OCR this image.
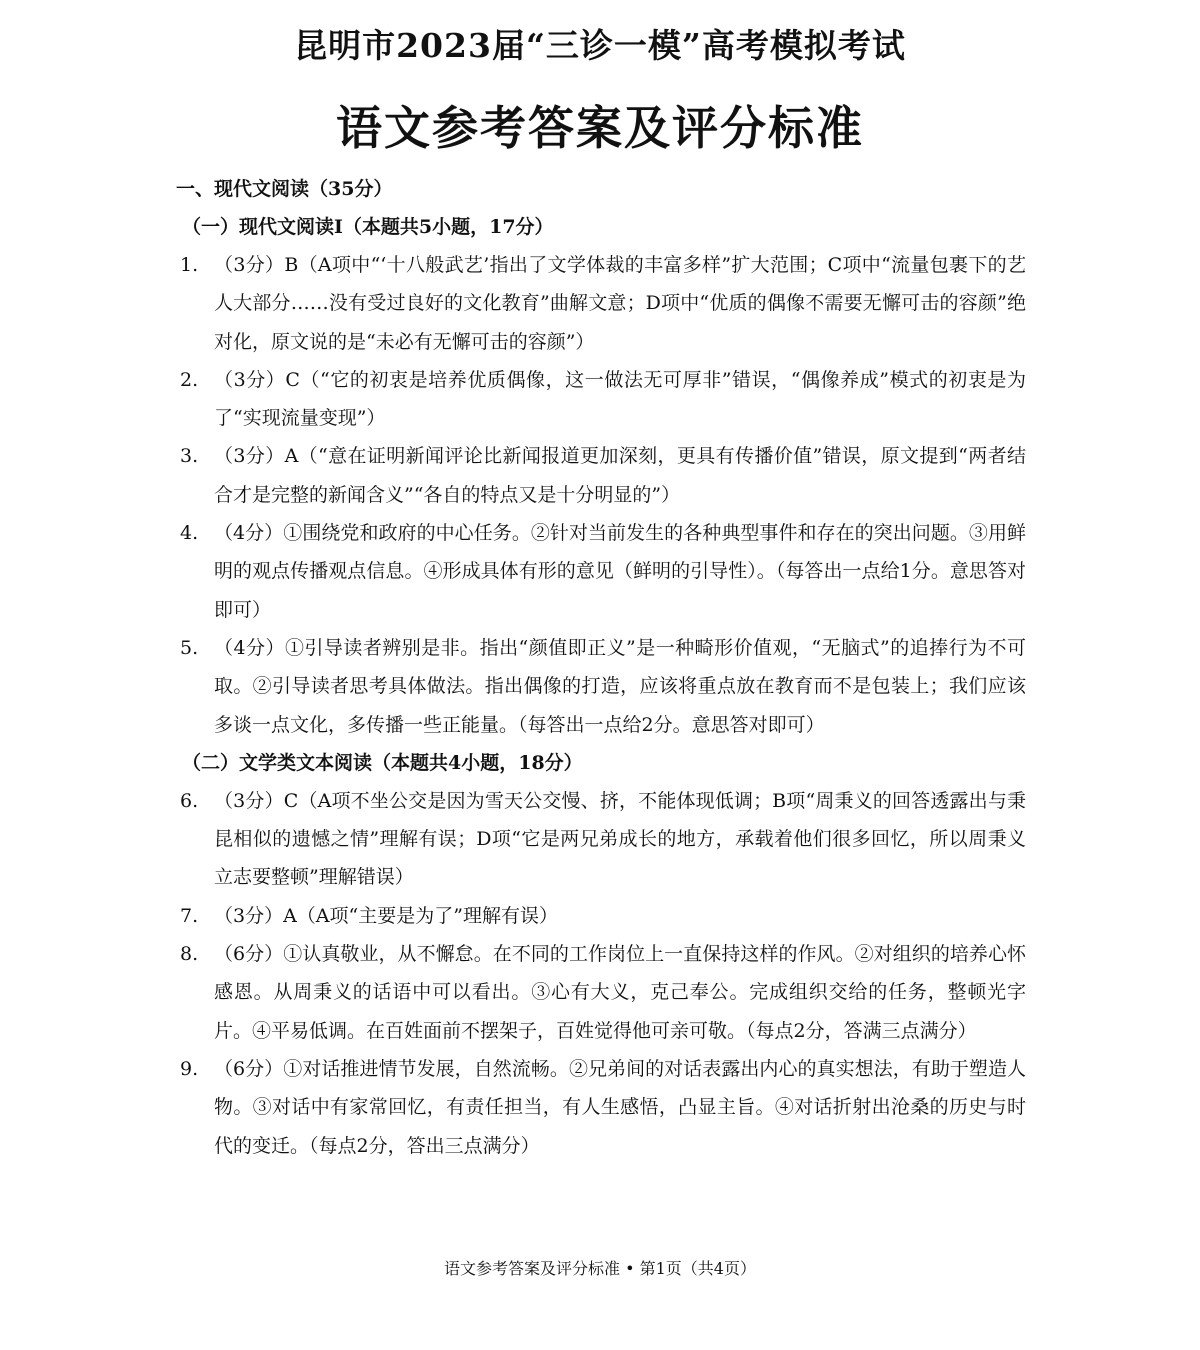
昆明市2023届“三诊一模”高考模拟考试
语文参考答案及评分标准
一、现代文阅读（35分）
（一）现代文阅读Ⅰ（本题共5小题，17分）
1. （3分）B（A项中“‘十八般武艺’指出了文学体裁的丰富多样”扩大范围；C项中“流量包裹下的艺人大部分……没有受过良好的文化教育”曲解文意；D项中“优质的偶像不需要无懈可击的容颜”绝对化，原文说的是“未必有无懈可击的容颜”）
2. （3分）C（“它的初衷是培养优质偶像，这一做法无可厚非”错误，“偶像养成”模式的初衷是为了“实现流量变现”）
3. （3分）A（“意在证明新闻评论比新闻报道更加深刻，更具有传播价值”错误，原文提到“两者结合才是完整的新闻含义”“各自的特点又是十分明显的”）
4. （4分）①围绕党和政府的中心任务。②针对当前发生的各种典型事件和存在的突出问题。③用鲜明的观点传播观点信息。④形成具体有形的意见（鲜明的引导性）。（每答出一点给1分。意思答对即可）
5. （4分）①引导读者辨别是非。指出“颜值即正义”是一种畸形价值观，“无脑式”的追捧行为不可取。②引导读者思考具体做法。指出偶像的打造，应该将重点放在教育而不是包装上；我们应该多谈一点文化，多传播一些正能量。（每答出一点给2分。意思答对即可）
（二）文学类文本阅读（本题共4小题，18分）
6. （3分）C（A项不坐公交是因为雪天公交慢、挤，不能体现低调；B项“周秉义的回答透露出与秉昆相似的遗憾之情”理解有误；D项“它是两兄弟成长的地方，承载着他们很多回忆，所以周秉义立志要整顿”理解错误）
7. （3分）A（A项“主要是为了”理解有误）
8. （6分）①认真敬业，从不懈怠。在不同的工作岗位上一直保持这样的作风。②对组织的培养心怀感恩。从周秉义的话语中可以看出。③心有大义，克己奉公。完成组织交给的任务，整顿光字片。④平易低调。在百姓面前不摆架子，百姓觉得他可亲可敬。（每点2分，答满三点满分）
9. （6分）①对话推进情节发展，自然流畅。②兄弟间的对话表露出内心的真实想法，有助于塑造人物。③对话中有家常回忆，有责任担当，有人生感悟，凸显主旨。④对话折射出沧桑的历史与时代的变迁。（每点2分，答出三点满分）
语文参考答案及评分标准 • 第1页（共4页）
